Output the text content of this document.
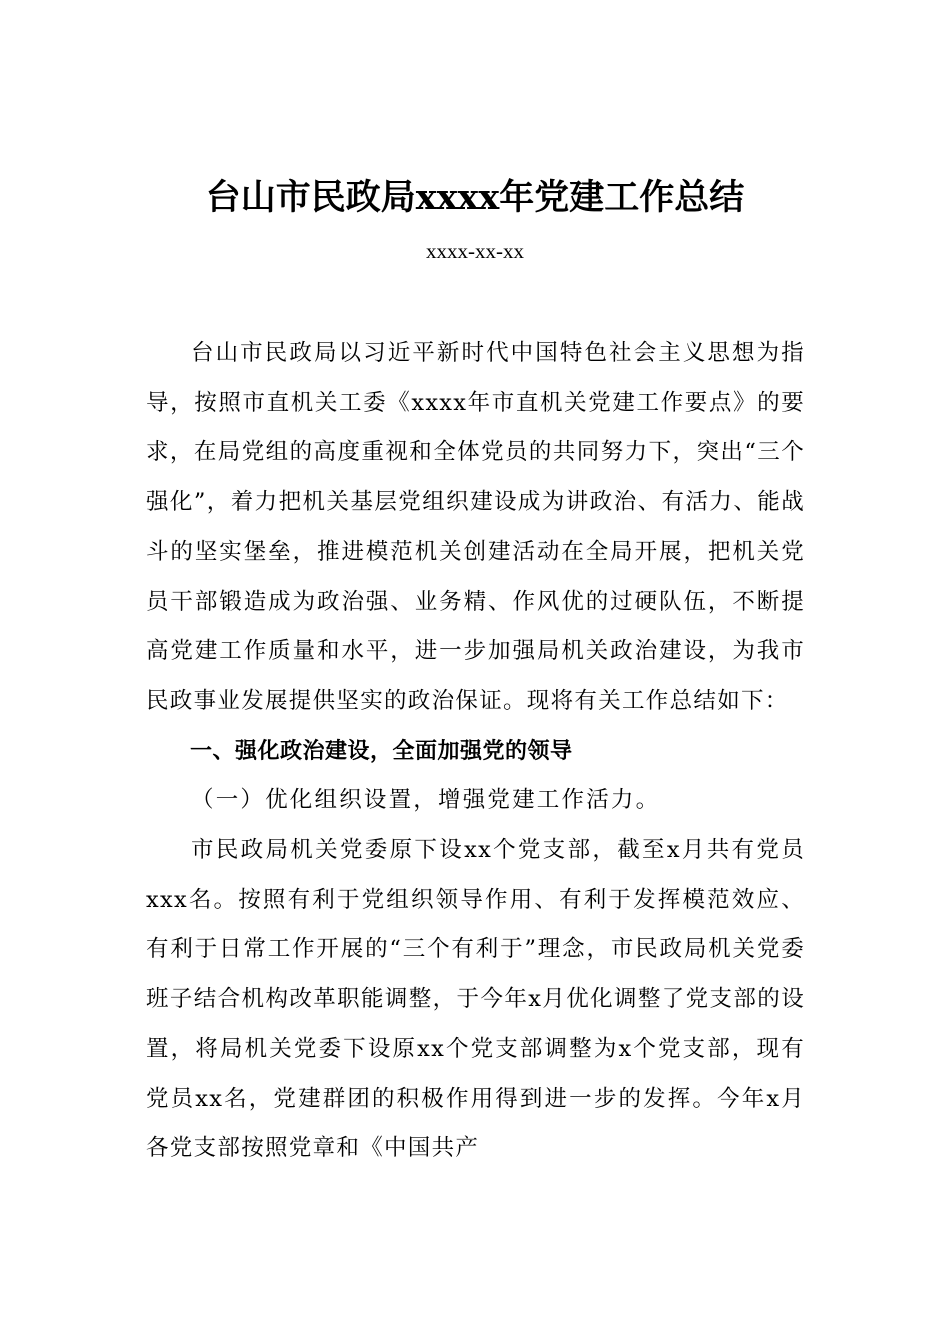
台山市民政局xxxx年党建工作总结
xxxx-xx-xx

台山市民政局以习近平新时代中国特色社会主义思想为指导，按照市直机关工委《xxxx年市直机关党建工作要点》的要求，在局党组的高度重视和全体党员的共同努力下，突出“三个强化”，着力把机关基层党组织建设成为讲政治、有活力、能战斗的坚实堡垒，推进模范机关创建活动在全局开展，把机关党员干部锻造成为政治强、业务精、作风优的过硬队伍，不断提高党建工作质量和水平，进一步加强局机关政治建设，为我市民政事业发展提供坚实的政治保证。现将有关工作总结如下：

一、强化政治建设，全面加强党的领导

（一）优化组织设置，增强党建工作活力。

市民政局机关党委原下设xx个党支部，截至x月共有党员xxx名。按照有利于党组织领导作用、有利于发挥模范效应、有利于日常工作开展的“三个有利于”理念，市民政局机关党委班子结合机构改革职能调整，于今年x月优化调整了党支部的设置，将局机关党委下设原xx个党支部调整为x个党支部，现有党员xx名，党建群团的积极作用得到进一步的发挥。今年x月各党支部按照党章和《中国共产
